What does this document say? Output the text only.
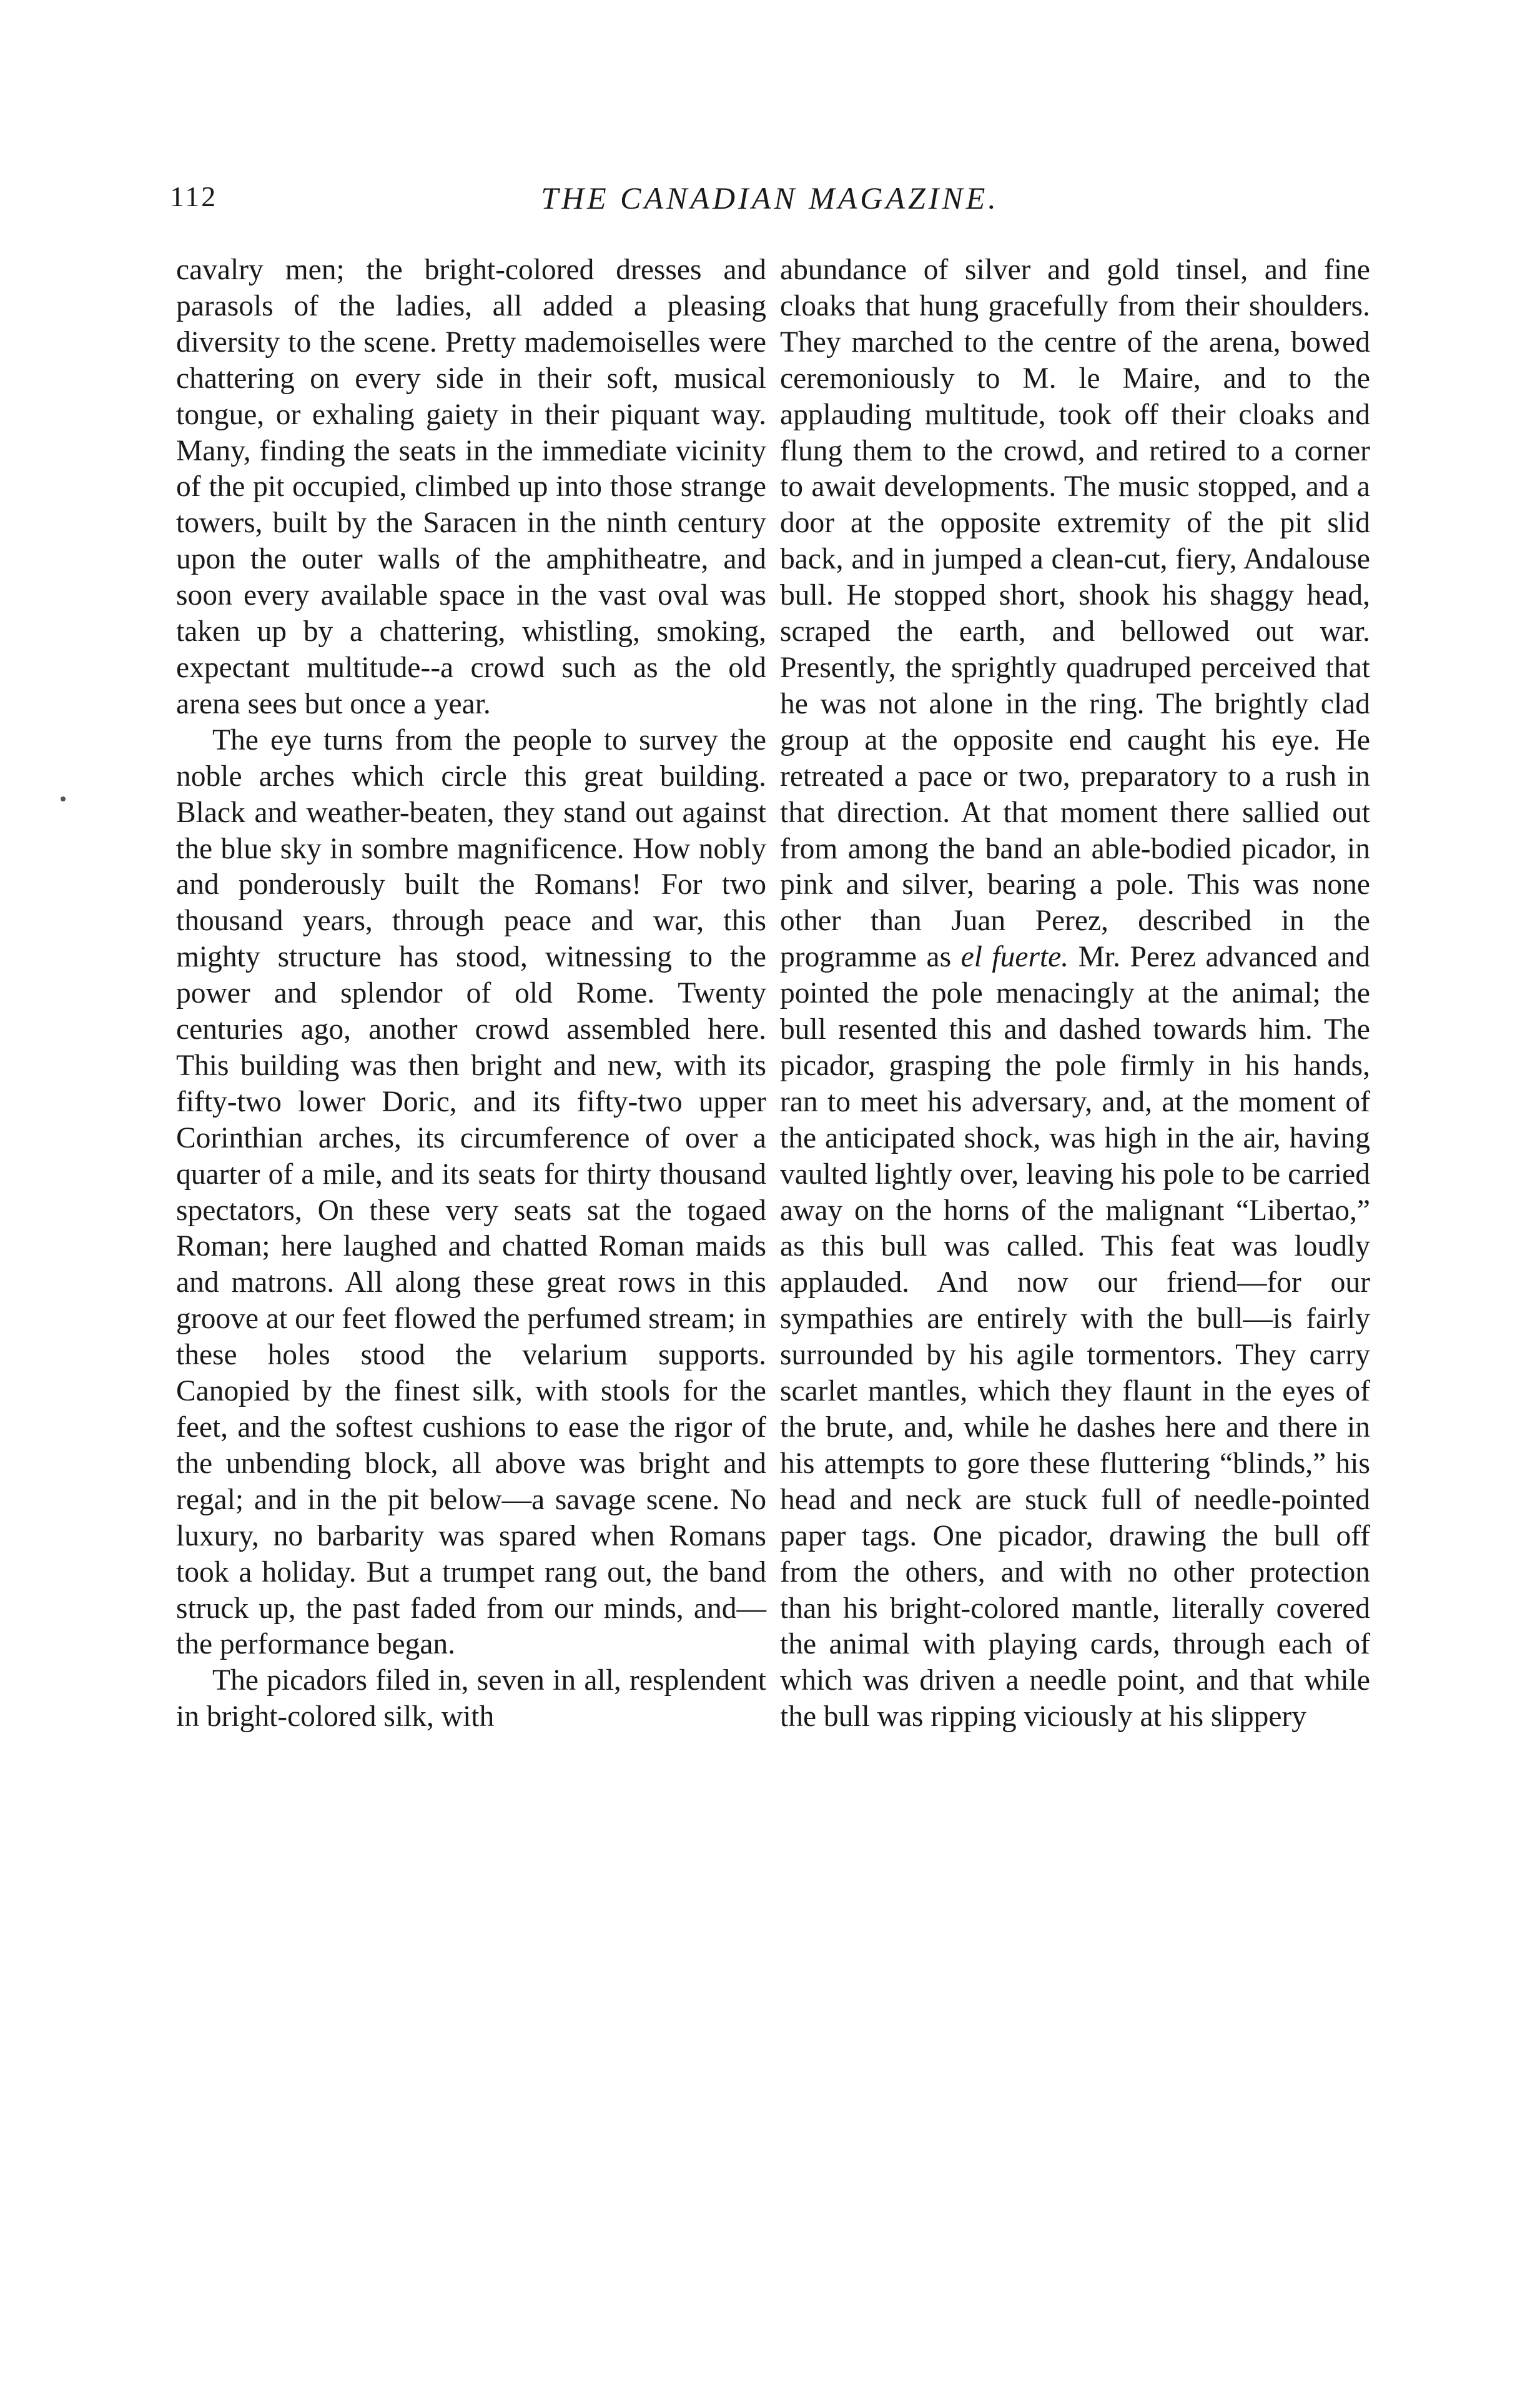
112	THE CANADIAN MAGAZINE.

cavalry men; the bright-colored dresses and parasols of the ladies, all added a pleasing diversity to the scene. Pretty mademoiselles were chattering on every side in their soft, musical tongue, or exhaling gaiety in their piquant way. Many, finding the seats in the immediate vicinity of the pit occupied, climbed up into those strange towers, built by the Saracen in the ninth century upon the outer walls of the amphitheatre, and soon every available space in the vast oval was taken up by a chattering, whistling, smoking, expectant multitude--a crowd such as the old arena sees but once a year.

The eye turns from the people to survey the noble arches which circle this great building. Black and weather-beaten, they stand out against the blue sky in sombre magnificence. How nobly and ponderously built the Romans! For two thousand years, through peace and war, this mighty structure has stood, witnessing to the power and splendor of old Rome. Twenty centuries ago, another crowd assembled here. This building was then bright and new, with its fifty-two lower Doric, and its fifty-two upper Corinthian arches, its circumference of over a quarter of a mile, and its seats for thirty thousand spectators, On these very seats sat the togaed Roman; here laughed and chatted Roman maids and matrons. All along these great rows in this groove at our feet flowed the perfumed stream; in these holes stood the velarium supports. Canopied by the finest silk, with stools for the feet, and the softest cushions to ease the rigor of the unbending block, all above was bright and regal; and in the pit below—a savage scene. No luxury, no barbarity was spared when Romans took a holiday. But a trumpet rang out, the band struck up, the past faded from our minds, and—the performance began.

The picadors filed in, seven in all, resplendent in bright-colored silk, with

abundance of silver and gold tinsel, and fine cloaks that hung gracefully from their shoulders. They marched to the centre of the arena, bowed ceremoniously to M. le Maire, and to the applauding multitude, took off their cloaks and flung them to the crowd, and retired to a corner to await developments. The music stopped, and a door at the opposite extremity of the pit slid back, and in jumped a clean-cut, fiery, Andalouse bull. He stopped short, shook his shaggy head, scraped the earth, and bellowed out war. Presently, the sprightly quadruped perceived that he was not alone in the ring. The brightly clad group at the opposite end caught his eye. He retreated a pace or two, preparatory to a rush in that direction. At that moment there sallied out from among the band an able-bodied picador, in pink and silver, bearing a pole. This was none other than Juan Perez, described in the programme as el fuerte. Mr. Perez advanced and pointed the pole menacingly at the animal; the bull resented this and dashed towards him. The picador, grasping the pole firmly in his hands, ran to meet his adversary, and, at the moment of the anticipated shock, was high in the air, having vaulted lightly over, leaving his pole to be carried away on the horns of the malignant “Libertao,” as this bull was called. This feat was loudly applauded. And now our friend—for our sympathies are entirely with the bull—is fairly surrounded by his agile tormentors. They carry scarlet mantles, which they flaunt in the eyes of the brute, and, while he dashes here and there in his attempts to gore these fluttering “blinds,” his head and neck are stuck full of needle-pointed paper tags. One picador, drawing the bull off from the others, and with no other protection than his bright-colored mantle, literally covered the animal with playing cards, through each of which was driven a needle point, and that while the bull was ripping viciously at his slippery
